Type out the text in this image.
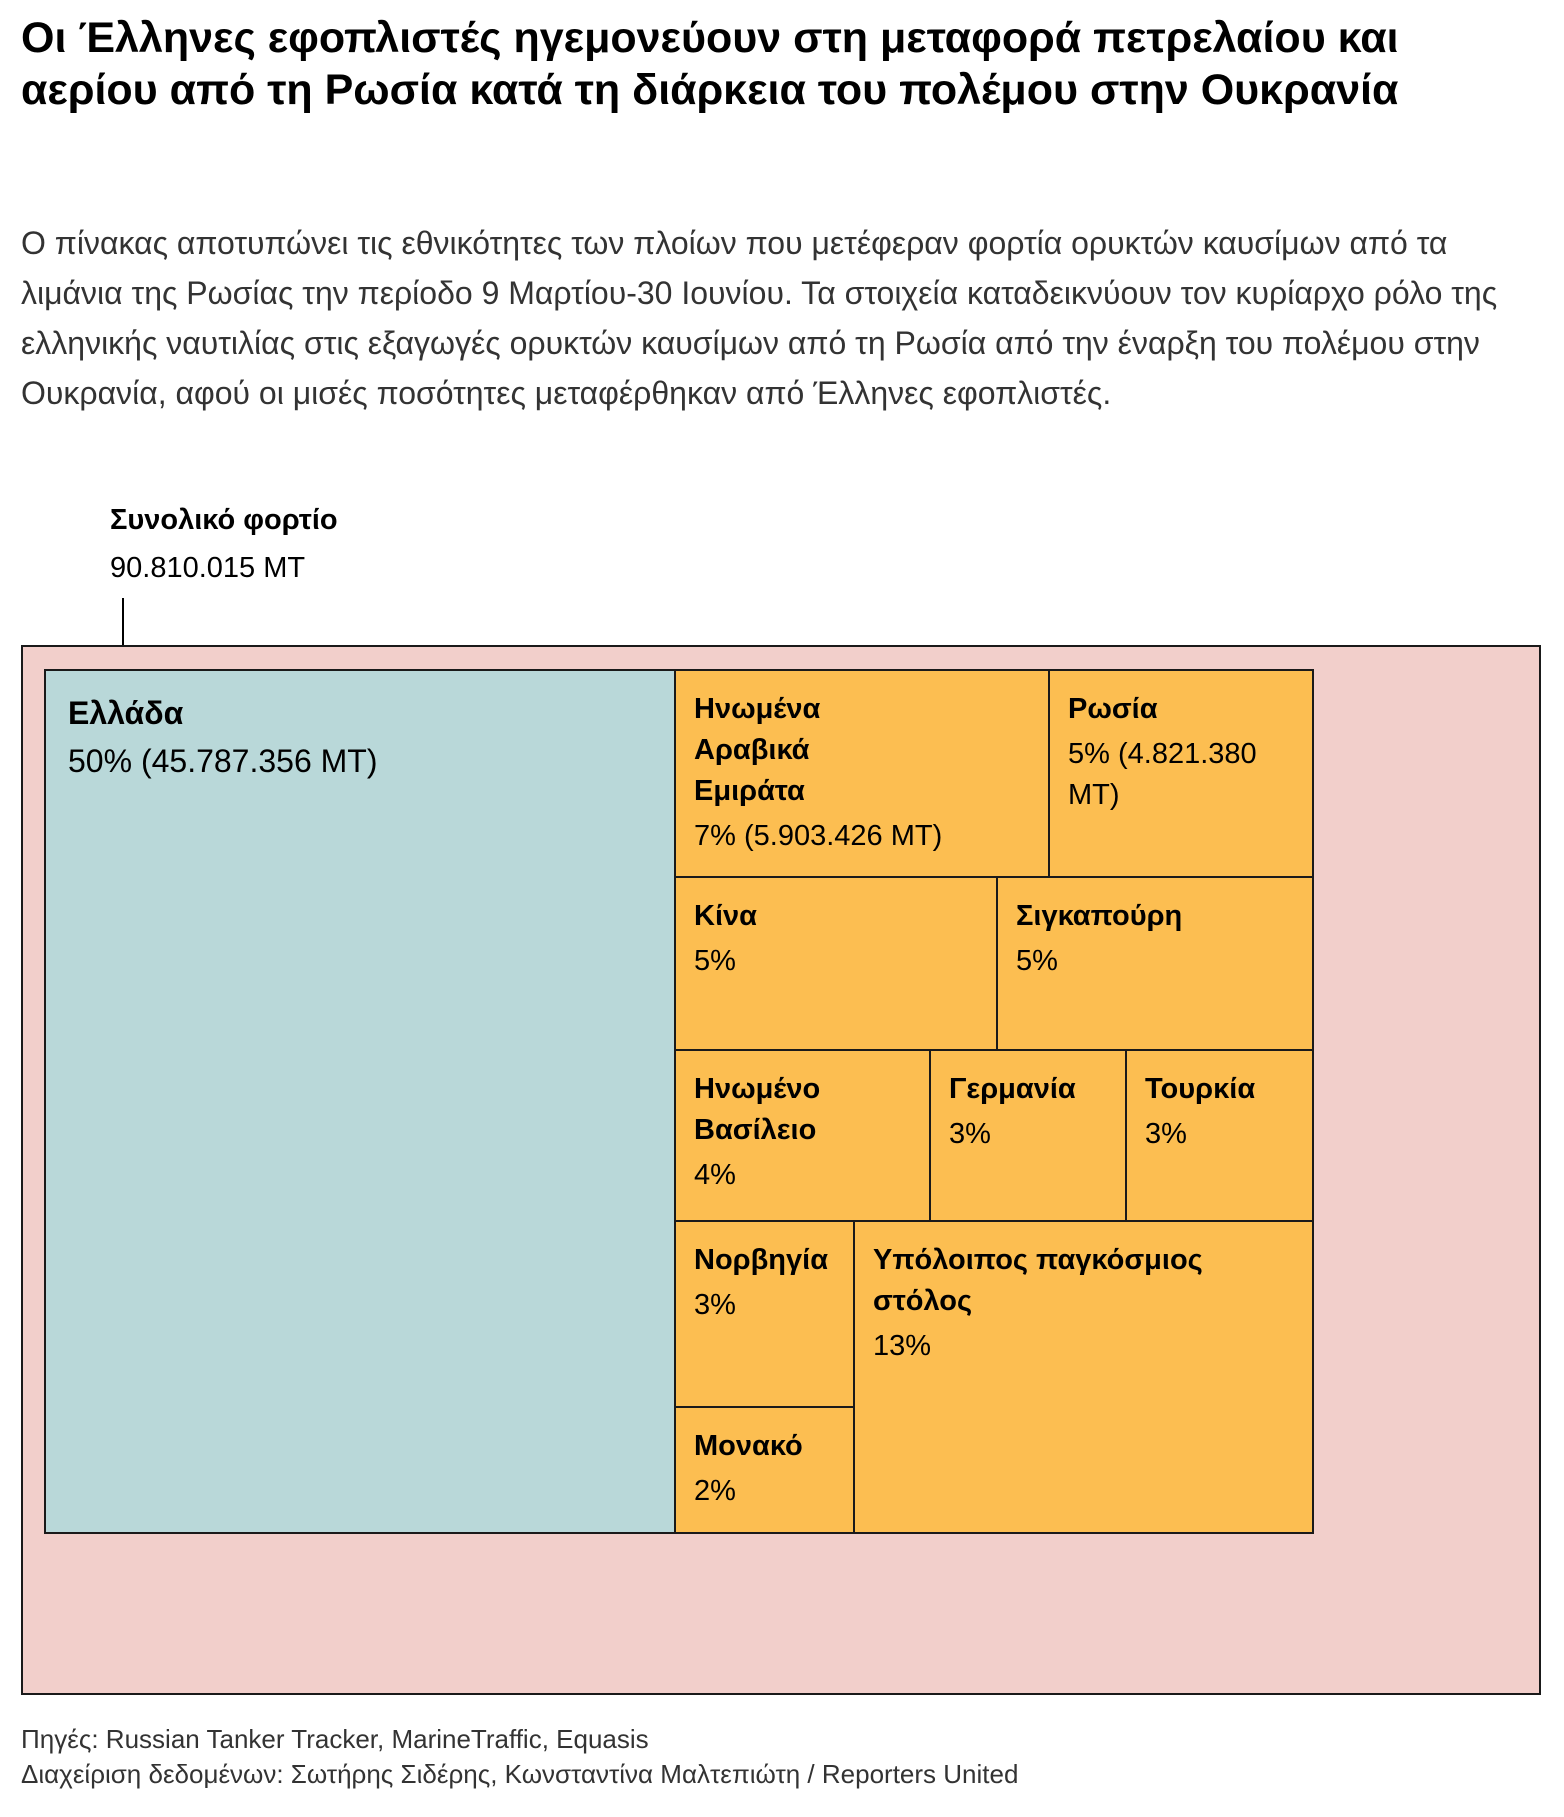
Οι Έλληνες εφοπλιστές ηγεμονεύουν στη μεταφορά πετρελαίου και αερίου από τη Ρωσία κατά τη διάρκεια του πολέμου στην Ουκρανία

Ο πίνακας αποτυπώνει τις εθνικότητες των πλοίων που μετέφεραν φορτία ορυκτών καυσίμων από τα λιμάνια της Ρωσίας την περίοδο 9 Μαρτίου-30 Ιουνίου. Τα στοιχεία καταδεικνύουν τον κυρίαρχο ρόλο της ελληνικής ναυτιλίας στις εξαγωγές ορυκτών καυσίμων από τη Ρωσία από την έναρξη του πολέμου στην Ουκρανία, αφού οι μισές ποσότητες μεταφέρθηκαν από Έλληνες εφοπλιστές.

Συνολικό φορτίο
90.810.015 MT
Ελλάδα
50% (45.787.356 MT)
Ηνωμένα Αραβικά Εμιράτα
7% (5.903.426 MT)
Ρωσία
5% (4.821.380 MT)
Κίνα
5%
Σιγκαπούρη
5%
Ηνωμένο Βασίλειο
4%
Γερμανία
3%
Τουρκία
3%
Νορβηγία
3%
Μονακό
2%
Υπόλοιπος παγκόσμιος στόλος
13%

Πηγές: Russian Tanker Tracker, MarineTraffic, Equasis

Διαχείριση δεδομένων: Σωτήρης Σιδέρης, Κωνσταντίνα Μαλτεπιώτη / Reporters United
